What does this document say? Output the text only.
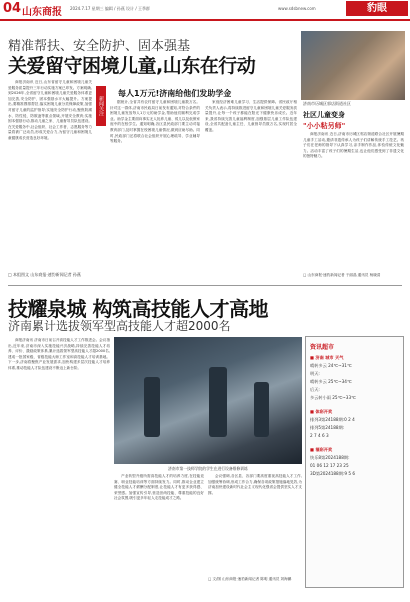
04 山东商报 2024.7.17 星期三 编辑 / 孙燕 设计 / 王季群	www.sdsbnew.com	豹眼
精准帮扶、安全防护、固本强基
关爱留守困境儿童,山东在行动

商报济南讯 近日,山东省留守儿童和困境儿童关爱服务质量提升三年行动实施方案已印发。方案明确,到2026年,全省留守儿童和困境儿童关爱服务体系更加完善,安全防护、固本强基水平大幅提升。方案提出,要精准摸排帮扶,落实困境儿童分类保障政策,加强对留守儿童的监护指导;实施安全防护行动,聚焦防溺水、防性侵、防欺凌等重点领域,开展安全教育;实施固本强基行动,推动儿童之家、儿童督导员队伍建设。在关爱服务中,社会组织、社会工作者、志愿服务等力量将被广泛动员,形成关爱合力,为留守儿童和困境儿童健康成长营造良好环境。

□ 本组图文 山东商报·速豹新闻记者 孙燕
新闻关注
每人1万元!济南给他们发助学金

据统计,全省共有农村留守儿童和困境儿童数万名。针对这一群体,济南市民政局日前发布通知,对符合条件的困境儿童发放每人1万元的助学金,帮助他们顺利完成学业。助学金主要面向事实无人抚养儿童、孤儿以及低保家庭中的在校学生。通知明确,各区县民政部门要主动对接教育部门,及时掌握在校困境儿童情况,做到应助尽助。同时,民政部门还将联合社会组织开展心理疏导、学业辅导等服务。

家庭经济困难儿童学习、生活提供保障。省民政厅相关负责人表示,将持续推进留守儿童和困境儿童关爱服务质量提升,让每一个孩子都能在阳光下健康快乐成长。近年来,我省持续完善儿童福利制度,加强基层儿童工作队伍建设,全省共配备儿童主任、儿童督导员数万名,实现村居全覆盖。

济南市历城区郭店街道社区
社区儿童变身
"小小粘另师"

商报济南讯 近日,济南市历城区郭店街道联合社区开展暑期儿童手工活动,邀请非遗传承人为孩子们讲解传统手工技艺。孩子们在老师的指导下认真学习,亲手制作作品,体验传统文化魅力。活动丰富了孩子们的暑期生活,也让他们感受到了非遗文化的独特魅力。

□ 山东商报·速豹新闻记者 于丽晶 通讯员 杨晓清
技耀泉城 构筑高技能人才高地
济南累计选拔领军型高技能人才超2000名

商报济南讯 济南市日前召开高技能人才工作推进会。会议指出,近年来,济南市深入实施技能兴济战略,持续完善技能人才培养、评价、激励政策体系,累计选拔领军型高技能人才超2000名,建成一批国家级、省级技能大师工作室和高技能人才培训基地。下一步,济南将聚焦产业发展需求,加快构建多层次技能人才培养体系,推动技能人才队伍建设不断迈上新台阶。

济南市第一技师学院的学生在进行设备维修训练

产业转型升级所需高技能人才的培养力度,在技能竞赛、职业技能培训等方面持续发力。同时,推动企业建立健全技能人才薪酬分配制度,让技能人才有更多获得感、荣誉感。加强宣传引导,营造崇尚技能、尊重技能的良好社会氛围,吸引更多年轻人走技能成才之路。

会议强调,各区县、各部门要高度重视高技能人才工作,加强统筹协调,形成工作合力,确保各项政策措施落地见效,为济南加快建设新时代社会主义现代化强省会提供坚实人才支撑。

□ 文/图 山东商报·速豹新闻记者 陈明 通讯员 刘海鹏
资讯超市
■ 济南 城市 天气
晴转多云 24℃~31℃
明天:
晴转多云 25℃~34℃
后天:
多云转小雨 25℃~33℃
■ 体彩开奖
排列3第24188期:0 2 4
排列5第24188期:
2 7 4 6 3
■ 福彩开奖
快乐8第2024188期:
01 06 12 17 23 25
3D第2024188期:9 5 6
